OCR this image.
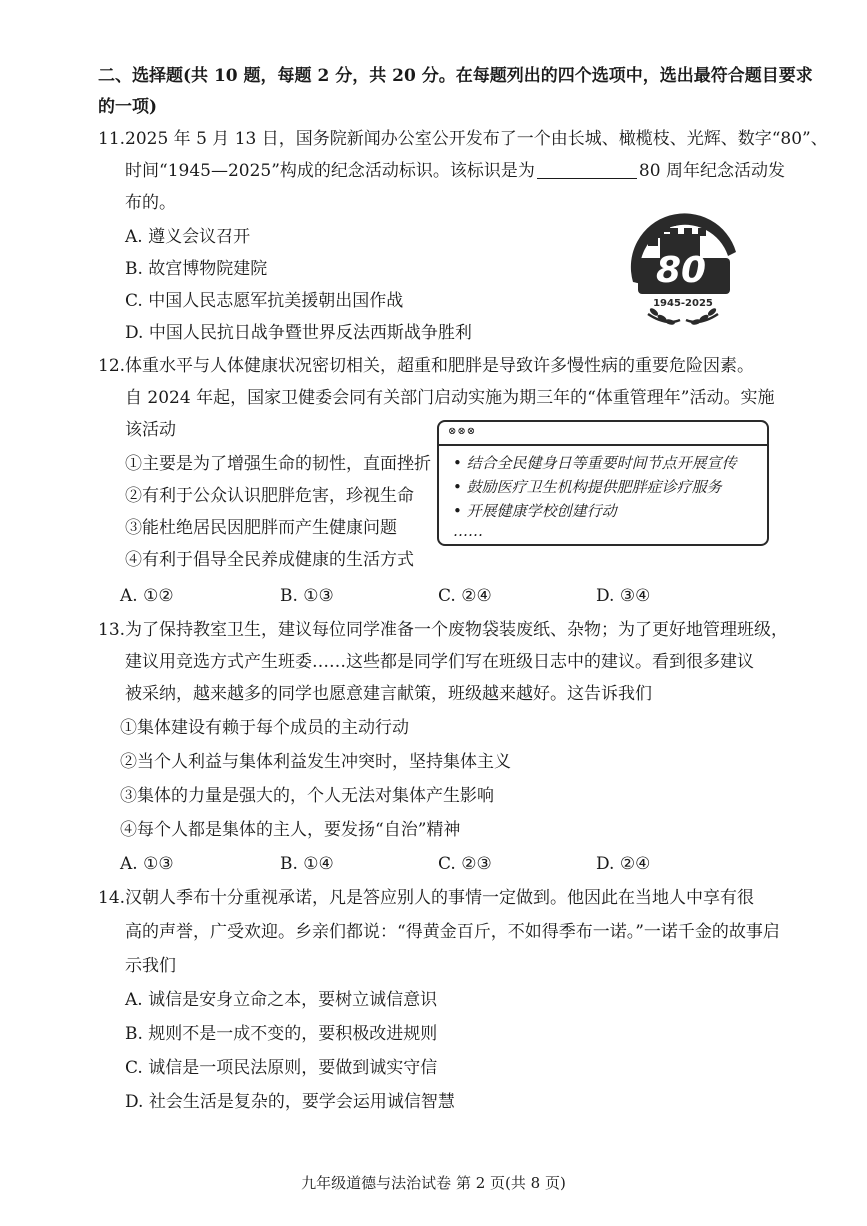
二、选择题(共 10 题，每题 2 分，共 20 分。在每题列出的四个选项中，选出最符合题目要求
的一项)
11. 2025 年 5 月 13 日，国务院新闻办公室公开发布了一个由长城、橄榄枝、光辉、数字“80”、
时间“1945—2025”构成的纪念活动标识。该标识是为	80 周年纪念活动发
布的。
A. 遵义会议召开
B. 故宫博物院建院
C. 中国人民志愿军抗美援朝出国作战
D. 中国人民抗日战争暨世界反法西斯战争胜利
80
1945-2025
12. 体重水平与人体健康状况密切相关，超重和肥胖是导致许多慢性病的重要危险因素。
自 2024 年起，国家卫健委会同有关部门启动实施为期三年的“体重管理年”活动。实施
该活动
①主要是为了增强生命的韧性，直面挫折
②有利于公众认识肥胖危害，珍视生命
③能杜绝居民因肥胖而产生健康问题
④有利于倡导全民养成健康的生活方式
⊗⊗⊗
• 结合全民健身日等重要时间节点开展宣传
• 鼓励医疗卫生机构提供肥胖症诊疗服务
• 开展健康学校创建行动
……
A. ①②	B. ①③	C. ②④	D. ③④
13. 为了保持教室卫生，建议每位同学准备一个废物袋装废纸、杂物；为了更好地管理班级，
建议用竞选方式产生班委……这些都是同学们写在班级日志中的建议。看到很多建议
被采纳，越来越多的同学也愿意建言献策，班级越来越好。这告诉我们
①集体建设有赖于每个成员的主动行动
②当个人利益与集体利益发生冲突时，坚持集体主义
③集体的力量是强大的，个人无法对集体产生影响
④每个人都是集体的主人，要发扬“自治”精神
A. ①③	B. ①④	C. ②③	D. ②④
14. 汉朝人季布十分重视承诺，凡是答应别人的事情一定做到。他因此在当地人中享有很
高的声誉，广受欢迎。乡亲们都说：“得黄金百斤，不如得季布一诺。”一诺千金的故事启
示我们
A. 诚信是安身立命之本，要树立诚信意识
B. 规则不是一成不变的，要积极改进规则
C. 诚信是一项民法原则，要做到诚实守信
D. 社会生活是复杂的，要学会运用诚信智慧
九年级道德与法治试卷 第 2 页(共 8 页)
